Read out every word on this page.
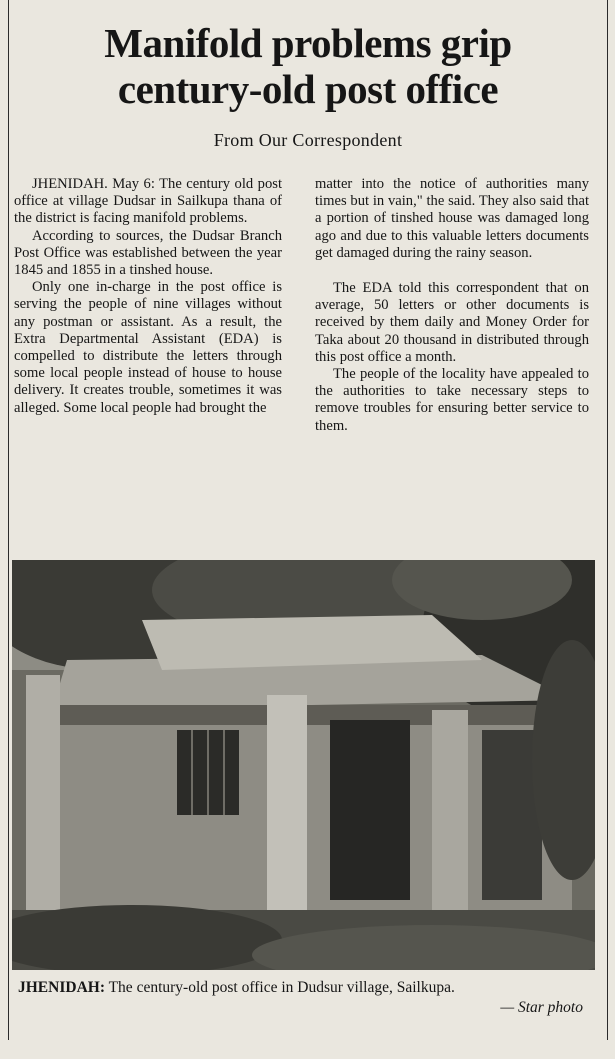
Manifold problems grip
century-old post office
From Our Correspondent

JHENIDAH. May 6: The century old post office at village Dudsar in Sailkupa thana of the district is facing manifold problems.

According to sources, the Dudsar Branch Post Office was established between the year 1845 and 1855 in a tinshed house.

Only one in-charge in the post office is serving the people of nine villages without any postman or assistant. As a result, the Extra Departmental Assistant (EDA) is compelled to distribute the letters through some local people instead of house to house delivery. It creates trouble, sometimes it was alleged. Some local people had brought the

matter into the notice of authorities many times but in vain," the said. They also said that a portion of tinshed house was damaged long ago and due to this valuable letters documents get damaged during the rainy season.

The EDA told this correspondent that on average, 50 letters or other documents is received by them daily and Money Order for Taka about 20 thousand in distributed through this post office a month.

The people of the locality have appealed to the authorities to take necessary steps to remove troubles for ensuring better service to them.

JHENIDAH: The century-old post office in Dudsur village, Sailkupa.

— Star photo
